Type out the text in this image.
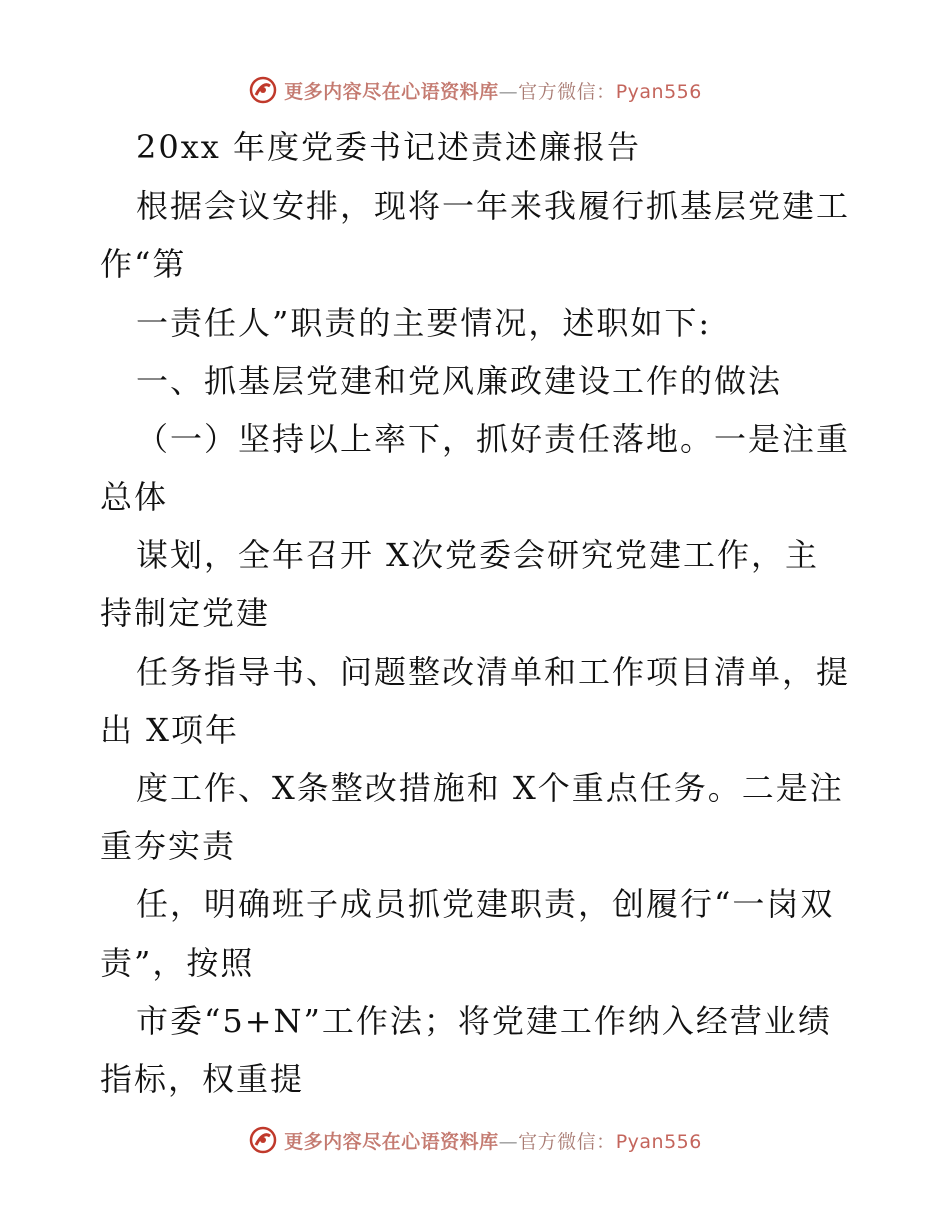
更多内容尽在心语资料库—官方微信：Pyan556
20xx 年度党委书记述责述廉报告
根据会议安排，现将一年来我履行抓基层党建工
作“第
一责任人”职责的主要情况，述职如下:
一、抓基层党建和党风廉政建设工作的做法
（一）坚持以上率下，抓好责任落地。一是注重
总体
谋划，全年召开 X次党委会研究党建工作，主
持制定党建
任务指导书、问题整改清单和工作项目清单，提
出 X项年
度工作、X条整改措施和 X个重点任务。二是注
重夯实责
任，明确班子成员抓党建职责，创履行“一岗双
责”，按照
市委“5+N”工作法；将党建工作纳入经营业绩
指标，权重提
更多内容尽在心语资料库—官方微信：Pyan556
